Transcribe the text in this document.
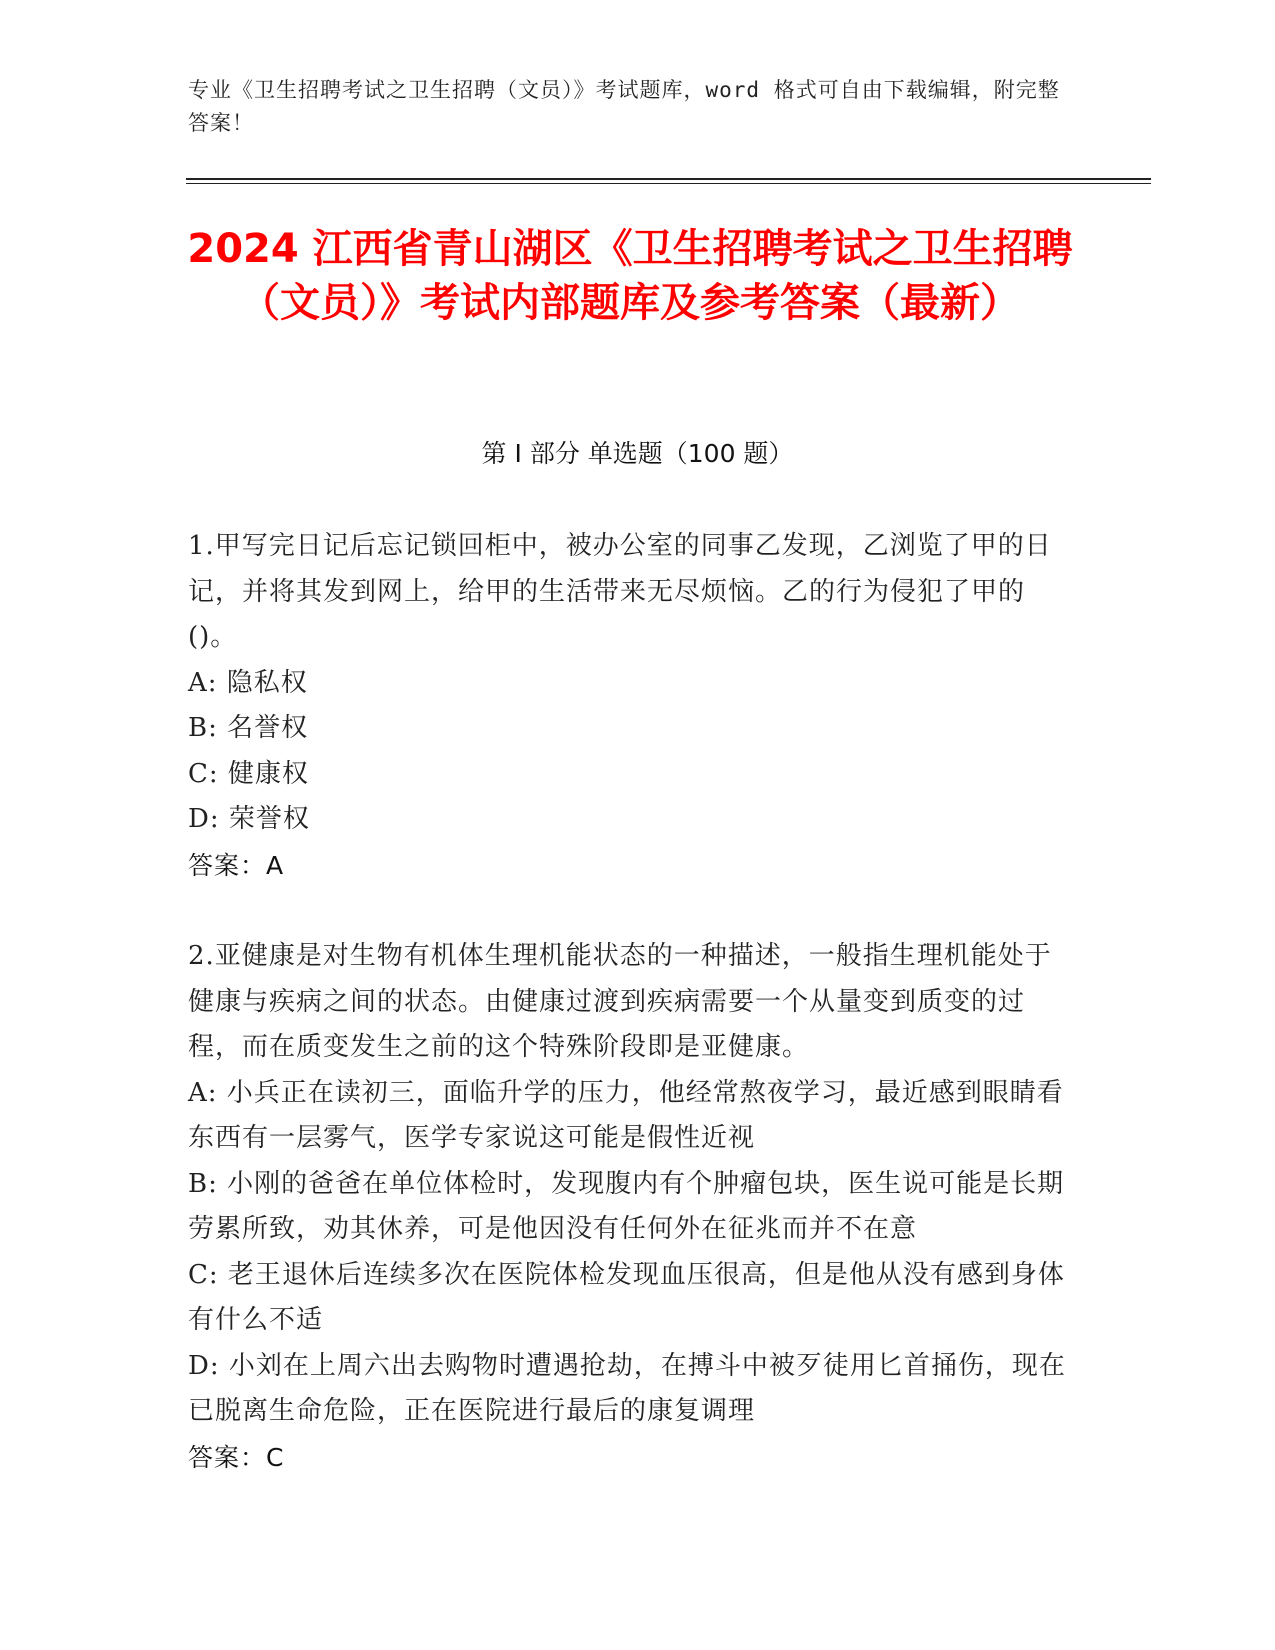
专业《卫生招聘考试之卫生招聘（文员）》考试题库，word 格式可自由下载编辑，附完整答案！
2024 江西省青山湖区《卫生招聘考试之卫生招聘（文员）》考试内部题库及参考答案（最新）
第 I 部分 单选题（100 题）

1.甲写完日记后忘记锁回柜中，被办公室的同事乙发现，乙浏览了甲的日记，并将其发到网上，给甲的生活带来无尽烦恼。乙的行为侵犯了甲的()。

A: 隐私权

B: 名誉权

C: 健康权

D: 荣誉权

答案：A

2.亚健康是对生物有机体生理机能状态的一种描述，一般指生理机能处于健康与疾病之间的状态。由健康过渡到疾病需要一个从量变到质变的过程，而在质变发生之前的这个特殊阶段即是亚健康。

A: 小兵正在读初三，面临升学的压力，他经常熬夜学习，最近感到眼睛看东西有一层雾气，医学专家说这可能是假性近视

B: 小刚的爸爸在单位体检时，发现腹内有个肿瘤包块，医生说可能是长期劳累所致，劝其休养，可是他因没有任何外在征兆而并不在意

C: 老王退休后连续多次在医院体检发现血压很高，但是他从没有感到身体有什么不适

D: 小刘在上周六出去购物时遭遇抢劫，在搏斗中被歹徒用匕首捅伤，现在已脱离生命危险，正在医院进行最后的康复调理

答案：C
